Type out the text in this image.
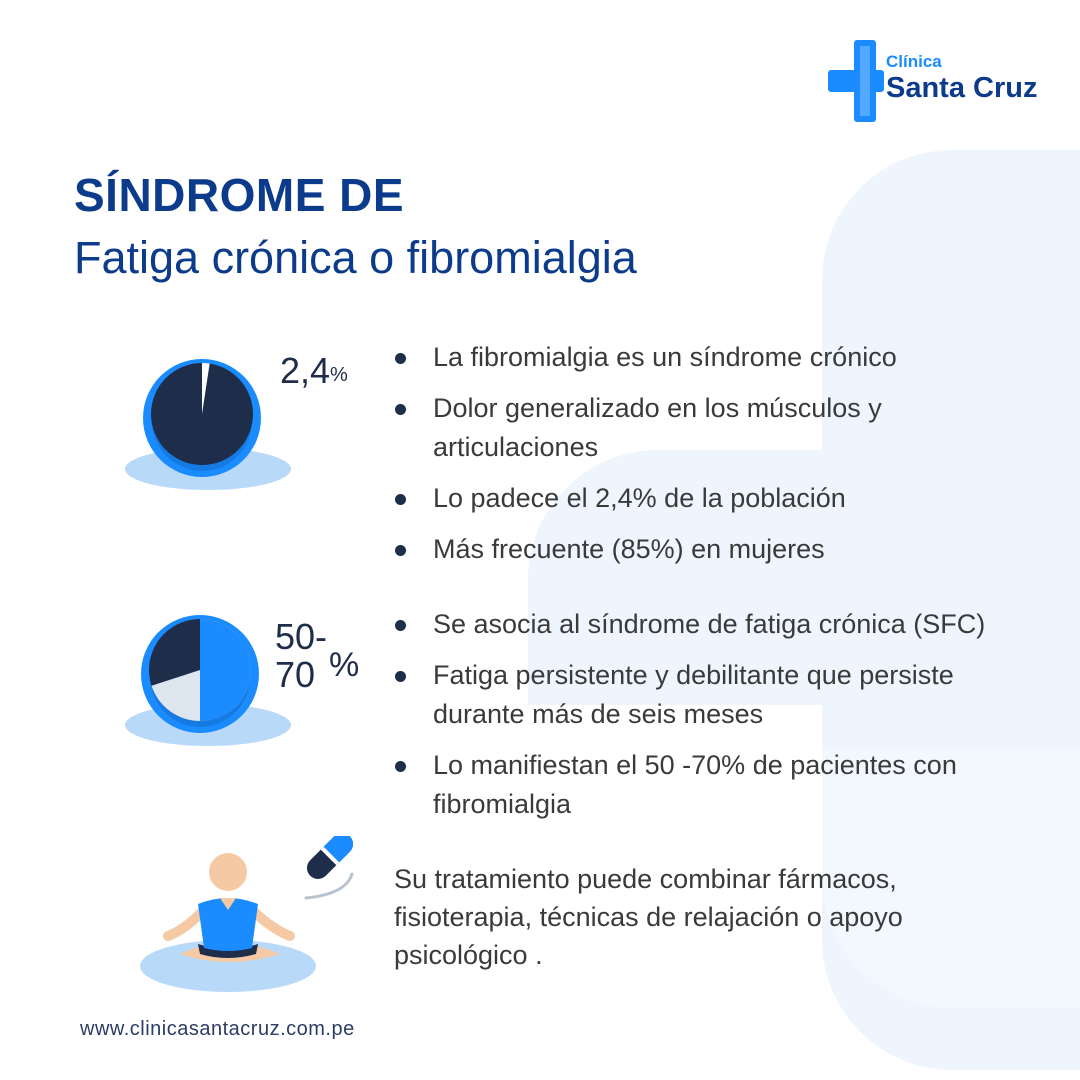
Clínica
Santa Cruz
SÍNDROME DE
Fatiga crónica o fibromialgia
2,4%
La fibromialgia es un síndrome crónico
Dolor generalizado en los músculos y articulaciones
Lo padece el 2,4% de la población
Más frecuente (85%) en mujeres
50-
70 %
Se asocia al síndrome de fatiga crónica (SFC)
Fatiga persistente y debilitante que persiste durante más de seis meses
Lo manifiestan el 50 -70% de pacientes con fibromialgia
Su tratamiento puede combinar fármacos, fisioterapia, técnicas de relajación o apoyo psicológico .
www.clinicasantacruz.com.pe
